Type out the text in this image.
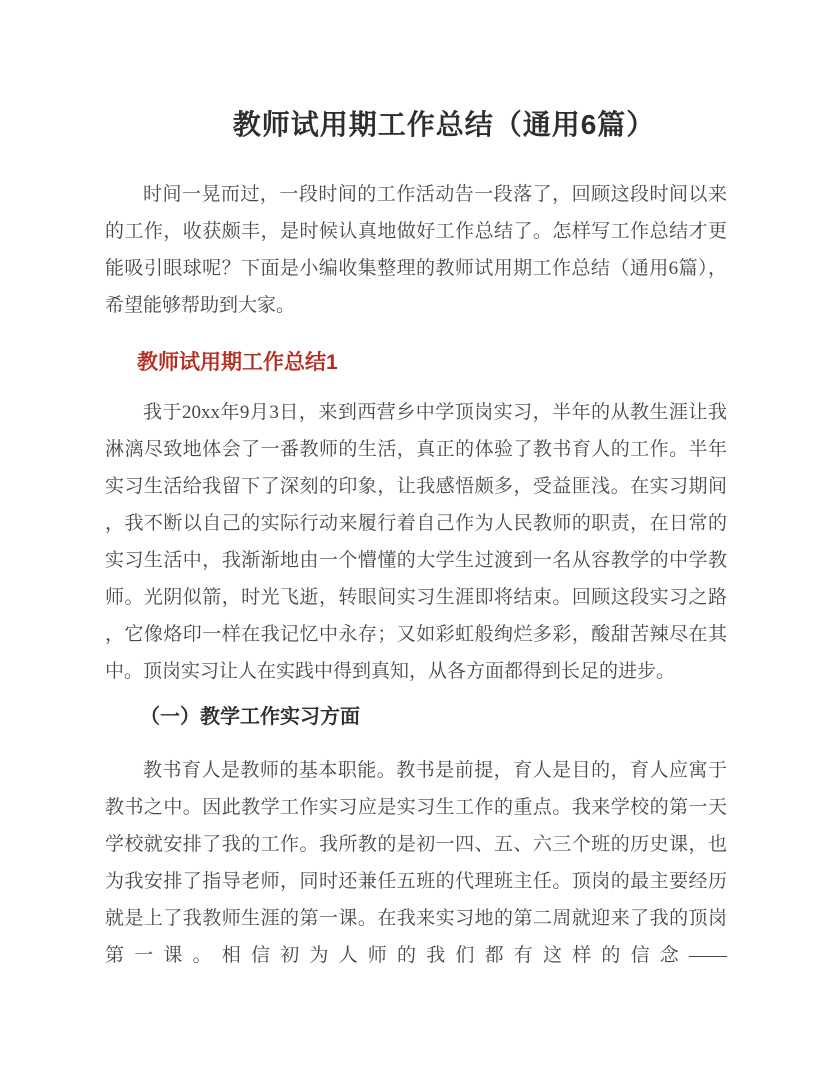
教师试用期工作总结（通用6篇）
时间一晃而过，一段时间的工作活动告一段落了，回顾这段时间以来
的工作，收获颇丰，是时候认真地做好工作总结了。怎样写工作总结才更
能吸引眼球呢？下面是小编收集整理的教师试用期工作总结（通用6篇），
希望能够帮助到大家。
教师试用期工作总结1
我于20xx年9月3日，来到西营乡中学顶岗实习，半年的从教生涯让我
淋漓尽致地体会了一番教师的生活，真正的体验了教书育人的工作。半年
实习生活给我留下了深刻的印象，让我感悟颇多，受益匪浅。在实习期间
，我不断以自己的实际行动来履行着自己作为人民教师的职责，在日常的
实习生活中，我渐渐地由一个懵懂的大学生过渡到一名从容教学的中学教
师。光阴似箭，时光飞逝，转眼间实习生涯即将结束。回顾这段实习之路
，它像烙印一样在我记忆中永存；又如彩虹般绚烂多彩，酸甜苦辣尽在其
中。顶岗实习让人在实践中得到真知，从各方面都得到长足的进步。
（一）教学工作实习方面
教书育人是教师的基本职能。教书是前提，育人是目的，育人应寓于
教书之中。因此教学工作实习应是实习生工作的重点。我来学校的第一天
学校就安排了我的工作。我所教的是初一四、五、六三个班的历史课，也
为我安排了指导老师，同时还兼任五班的代理班主任。顶岗的最主要经历
就是上了我教师生涯的第一课。在我来实习地的第二周就迎来了我的顶岗
第一课。相信初为人师的我们都有这样的信念——
